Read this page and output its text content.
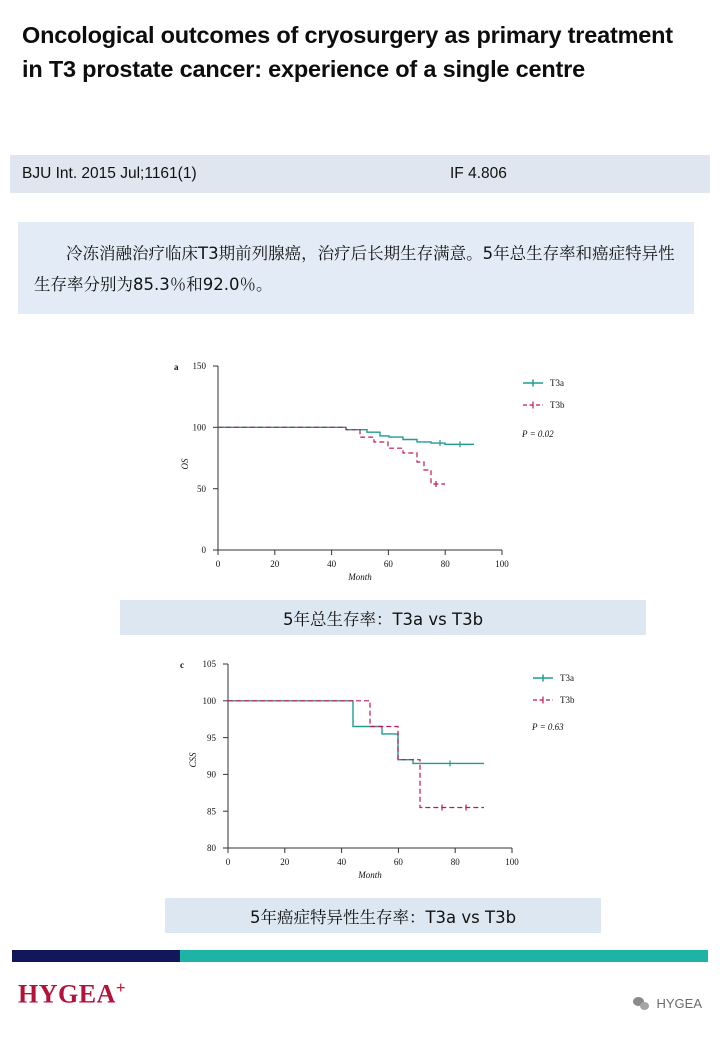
Oncological outcomes of cryosurgery as primary treatment in T3 prostate cancer: experience of a single centre
BJU Int. 2015 Jul;1161(1)	IF 4.806
冷冻消融治疗临床T3期前列腺癌，治疗后长期生存满意。5年总生存率和癌症特异性生存率分别为85.3％和92.0％。
a
0
50
100
150
0	20	40	60	80	100
OS
Month
T3a
T3b
P = 0.02
5年总生存率：T3a vs T3b
c
80
85
90
95
100
105
0	20	40	60	80	100
CSS
Month
T3a
T3b
P = 0.63
5年癌症特异性生存率：T3a vs T3b
HYGEA+
HYGEA
